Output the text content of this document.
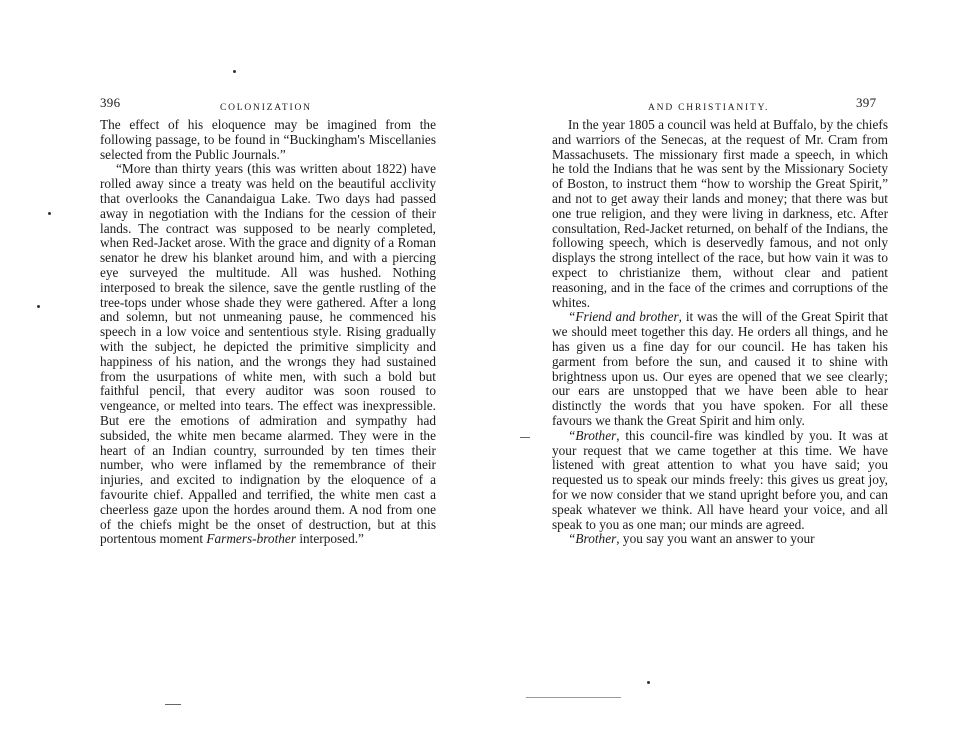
396	COLONIZATION

The effect of his eloquence may be imagined from the following passage, to be found in “Buckingham's Miscellanies selected from the Public Journals.”

“More than thirty years (this was written about 1822) have rolled away since a treaty was held on the beautiful acclivity that overlooks the Canandaigua Lake. Two days had passed away in negotiation with the Indians for the cession of their lands. The contract was supposed to be nearly completed, when Red-Jacket arose. With the grace and dignity of a Roman senator he drew his blanket around him, and with a piercing eye surveyed the multitude. All was hushed. Nothing interposed to break the silence, save the gentle rustling of the tree-tops under whose shade they were gathered. After a long and solemn, but not unmeaning pause, he commenced his speech in a low voice and sententious style. Rising gradually with the subject, he depicted the primitive simplicity and happiness of his nation, and the wrongs they had sustained from the usurpations of white men, with such a bold but faithful pencil, that every auditor was soon roused to vengeance, or melted into tears. The effect was inexpressible. But ere the emotions of admiration and sympathy had subsided, the white men became alarmed. They were in the heart of an Indian country, surrounded by ten times their number, who were inflamed by the remembrance of their injuries, and excited to indignation by the eloquence of a favourite chief. Appalled and terrified, the white men cast a cheerless gaze upon the hordes around them. A nod from one of the chiefs might be the onset of destruction, but at this portentous moment Farmers-brother interposed.”

AND CHRISTIANITY.	397

In the year 1805 a council was held at Buffalo, by the chiefs and warriors of the Senecas, at the request of Mr. Cram from Massachusets. The missionary first made a speech, in which he told the Indians that he was sent by the Missionary Society of Boston, to instruct them “how to worship the Great Spirit,” and not to get away their lands and money; that there was but one true religion, and they were living in darkness, etc. After consultation, Red-Jacket returned, on behalf of the Indians, the following speech, which is deservedly famous, and not only displays the strong intellect of the race, but how vain it was to expect to christianize them, without clear and patient reasoning, and in the face of the crimes and corruptions of the whites.

“Friend and brother, it was the will of the Great Spirit that we should meet together this day. He orders all things, and he has given us a fine day for our council. He has taken his garment from before the sun, and caused it to shine with brightness upon us. Our eyes are opened that we see clearly; our ears are unstopped that we have been able to hear distinctly the words that you have spoken. For all these favours we thank the Great Spirit and him only.

“Brother, this council-fire was kindled by you. It was at your request that we came together at this time. We have listened with great attention to what you have said; you requested us to speak our minds freely: this gives us great joy, for we now consider that we stand upright before you, and can speak whatever we think. All have heard your voice, and all speak to you as one man; our minds are agreed.

“Brother, you say you want an answer to your
